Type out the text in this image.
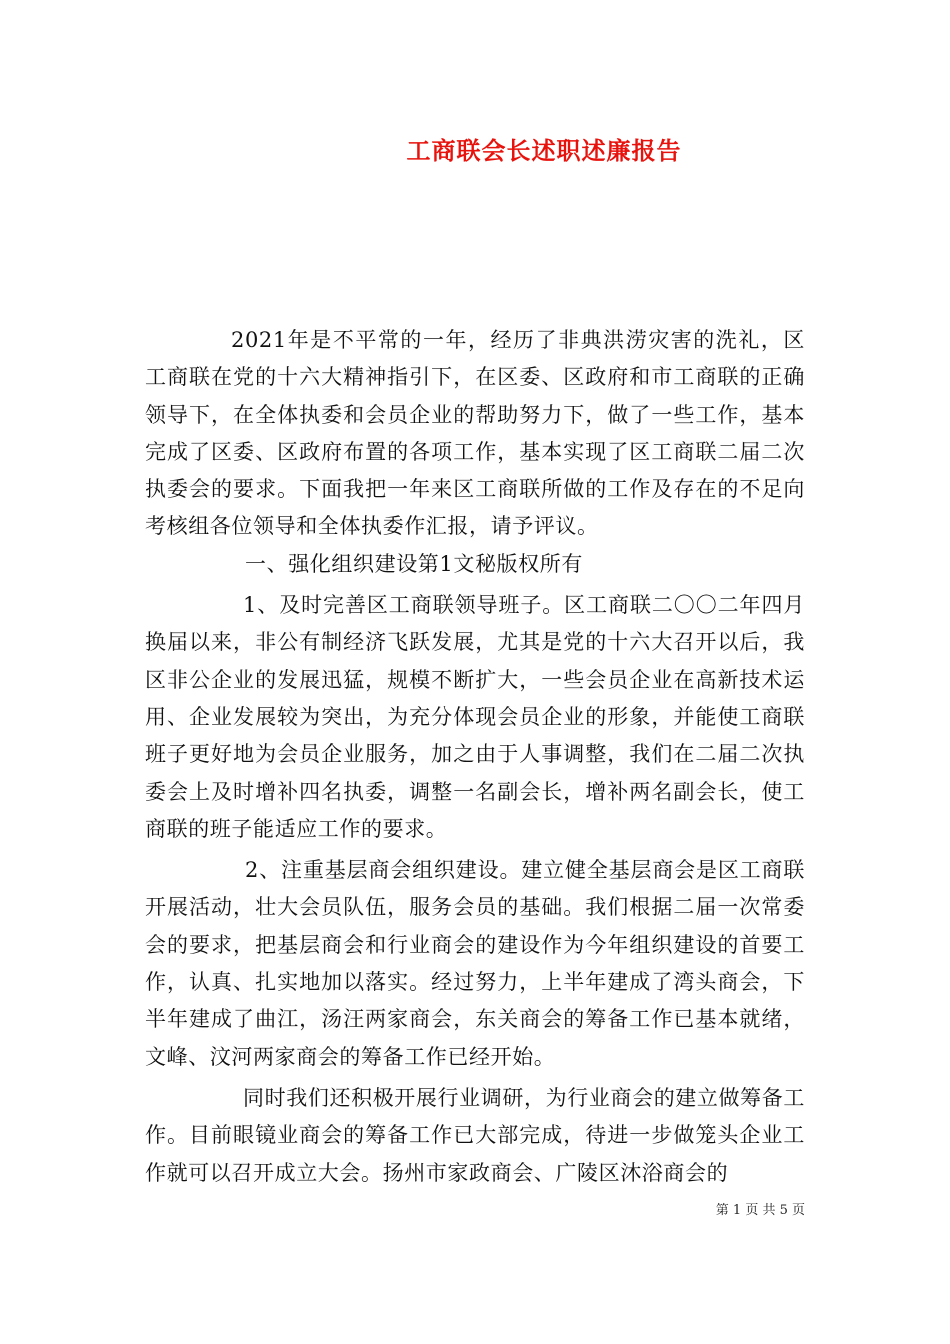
工商联会长述职述廉报告

2021年是不平常的一年，经历了非典洪涝灾害的洗礼，区工商联在党的十六大精神指引下，在区委、区政府和市工商联的正确领导下，在全体执委和会员企业的帮助努力下，做了一些工作，基本完成了区委、区政府布置的各项工作，基本实现了区工商联二届二次执委会的要求。下面我把一年来区工商联所做的工作及存在的不足向考核组各位领导和全体执委作汇报，请予评议。

一、强化组织建设第1文秘版权所有

1、及时完善区工商联领导班子。区工商联二〇〇二年四月换届以来，非公有制经济飞跃发展，尤其是党的十六大召开以后，我区非公企业的发展迅猛，规模不断扩大，一些会员企业在高新技术运用、企业发展较为突出，为充分体现会员企业的形象，并能使工商联班子更好地为会员企业服务，加之由于人事调整，我们在二届二次执委会上及时增补四名执委，调整一名副会长，增补两名副会长，使工商联的班子能适应工作的要求。

2、注重基层商会组织建设。建立健全基层商会是区工商联开展活动，壮大会员队伍，服务会员的基础。我们根据二届一次常委会的要求，把基层商会和行业商会的建设作为今年组织建设的首要工作，认真、扎实地加以落实。经过努力，上半年建成了湾头商会，下半年建成了曲江，汤汪两家商会，东关商会的筹备工作已基本就绪，文峰、汶河两家商会的筹备工作已经开始。

同时我们还积极开展行业调研，为行业商会的建立做筹备工作。目前眼镜业商会的筹备工作已大部完成，待进一步做笼头企业工作就可以召开成立大会。扬州市家政商会、广陵区沐浴商会的

第 1 页 共 5 页
